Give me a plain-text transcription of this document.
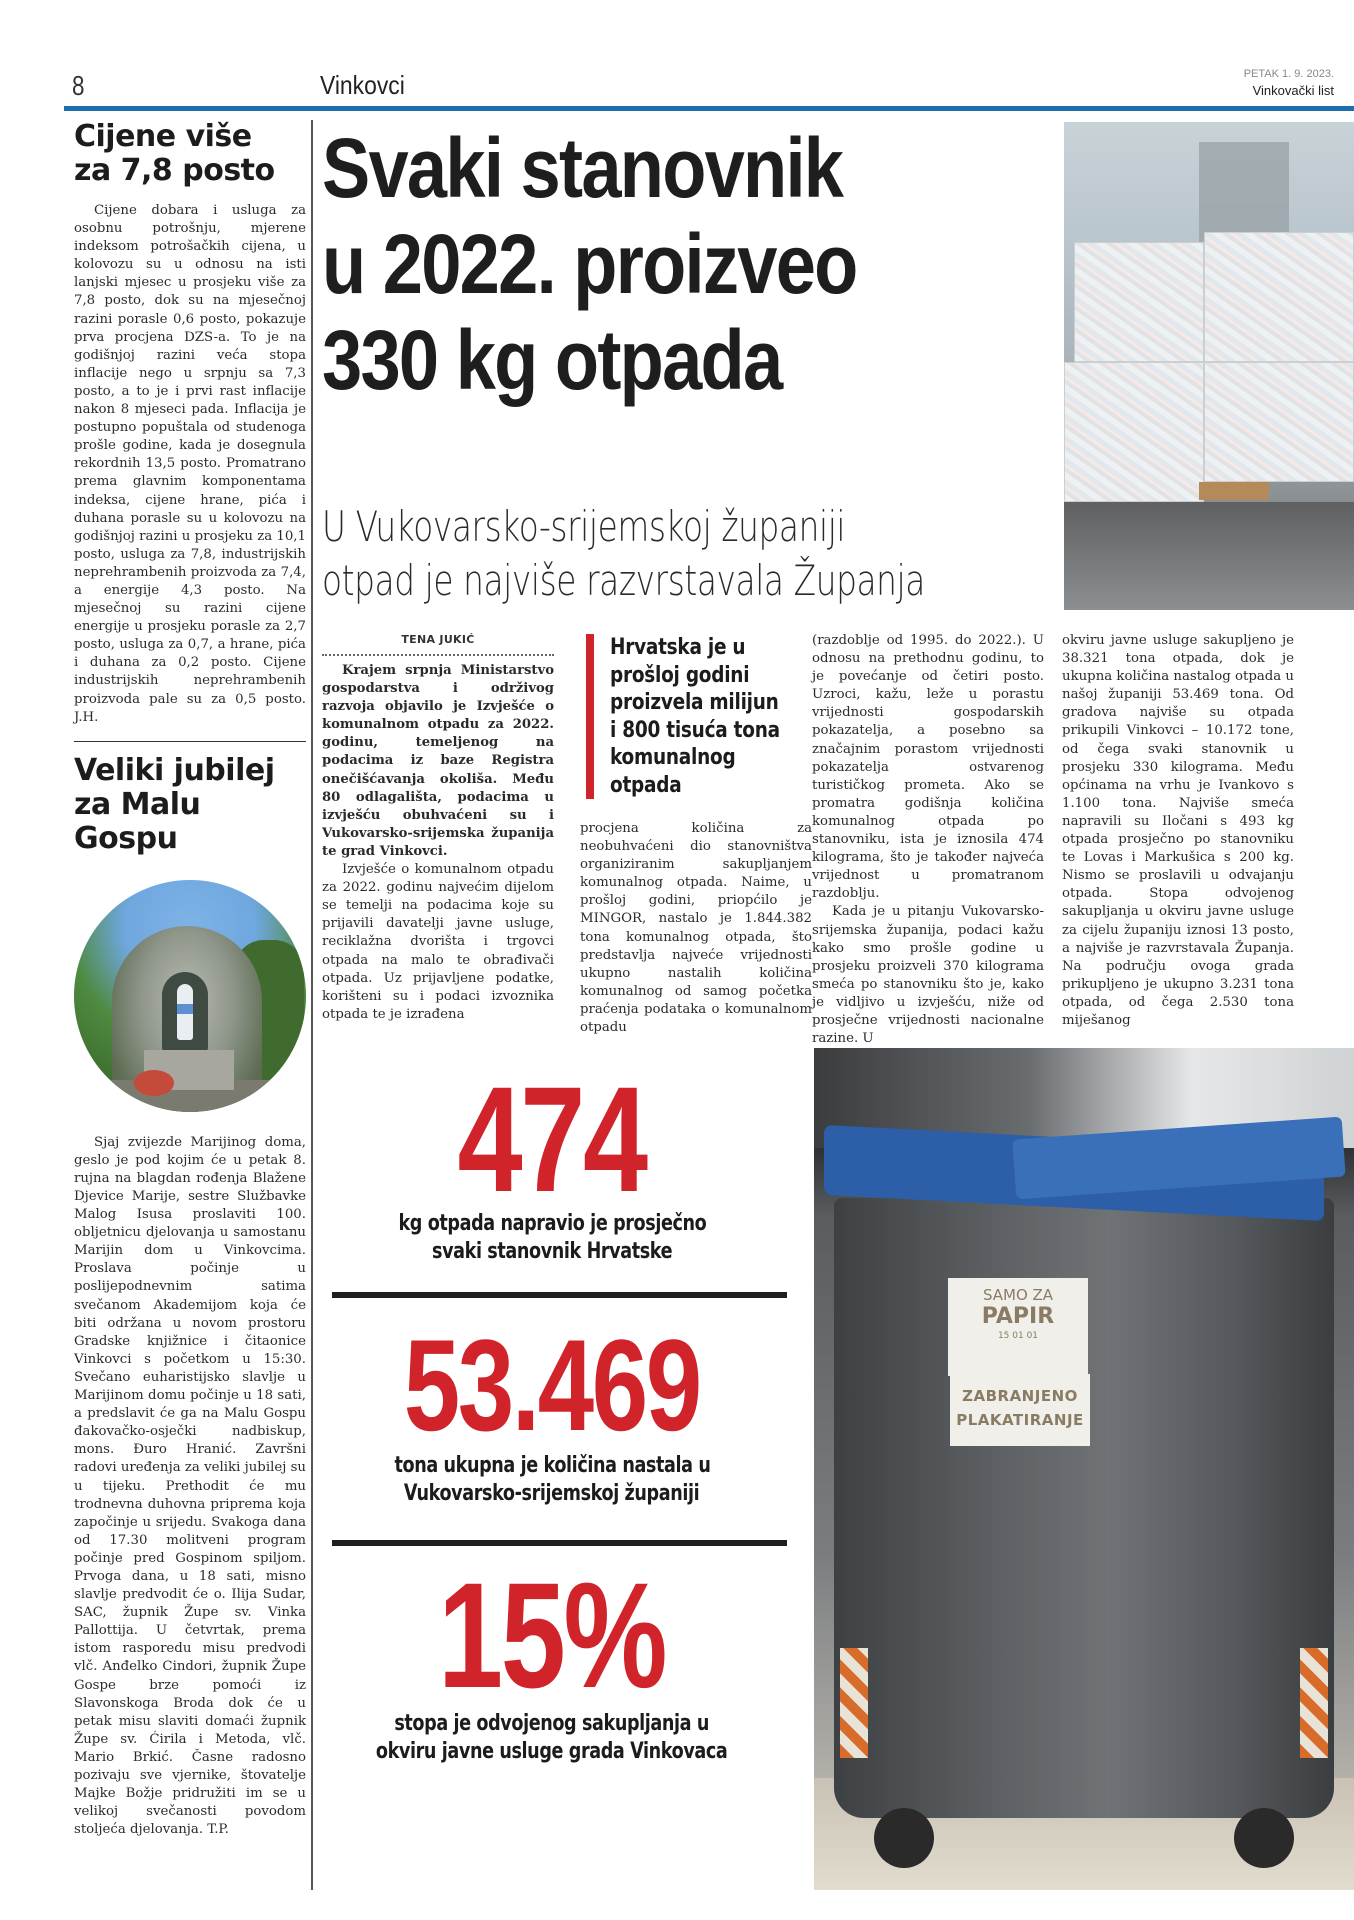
8	Vinkovci	PETAK 1. 9. 2023.
Vinkovački list
Cijene više
za 7,8 posto

Cijene dobara i usluga za osobnu potrošnju, mjerene indeksom potrošačkih cijena, u kolovozu su u odnosu na isti lanjski mjesec u prosjeku više za 7,8 posto, dok su na mjesečnoj razini porasle 0,6 posto, pokazuje prva procjena DZS-a. To je na godišnjoj razini veća stopa inflacije nego u srpnju sa 7,3 posto, a to je i prvi rast inflacije nakon 8 mjeseci pada. Inflacija je postupno popuštala od studenoga prošle godine, kada je dosegnula rekordnih 13,5 posto. Promatrano prema glavnim komponentama indeksa, cijene hrane, pića i duhana porasle su u kolovozu na godišnjoj razini u prosjeku za 10,1 posto, usluga za 7,8, industrijskih neprehrambenih proizvoda za 7,4, a energije 4,3 posto. Na mjesečnoj su razini cijene energije u prosjeku porasle za 2,7 posto, usluga za 0,7, a hrane, pića i duhana za 0,2 posto. Cijene industrijskih neprehrambenih proizvoda pale su za 0,5 posto. J.H.

Veliki jubilej
za Malu Gospu

Sjaj zvijezde Marijinog doma, geslo je pod kojim će u petak 8. rujna na blagdan rođenja Blažene Djevice Marije, sestre Službavke Malog Isusa proslaviti 100. obljetnicu djelovanja u samostanu Marijin dom u Vinkovcima. Proslava počinje u poslijepodnevnim satima svečanom Akademijom koja će biti održana u novom prostoru Gradske knjižnice i čitaonice Vinkovci s početkom u 15:30. Svečano euharistijsko slavlje u Marijinom domu počinje u 18 sati, a predslavit će ga na Malu Gospu đakovačko-osječki nadbiskup, mons. Đuro Hranić. Završni radovi uređenja za veliki jubilej su u tijeku. Prethodit će mu trodnevna duhovna priprema koja započinje u srijedu. Svakoga dana od 17.30 molitveni program počinje pred Gospinom spiljom. Prvoga dana, u 18 sati, misno slavlje predvodit će o. Ilija Sudar, SAC, župnik Župe sv. Vinka Pallottija. U četvrtak, prema istom rasporedu misu predvodi vlč. Anđelko Cindori, župnik Župe Gospe brze pomoći iz Slavonskoga Broda dok će u petak misu slaviti domaći župnik Župe sv. Ćirila i Metoda, vlč. Mario Brkić. Časne radosno pozivaju sve vjernike, štovatelje Majke Božje pridružiti im se u velikoj svečanosti povodom stoljeća djelovanja. T.P.

Svaki stanovnik
u 2022. proizveo
330 kg otpada
U Vukovarsko-srijemskoj županiji
otpad je najviše razvrstavala Županja
TENA JUKIĆ

Krajem srpnja Ministarstvo gospodarstva i održivog razvoja objavilo je Izvješće o komunalnom otpadu za 2022. godinu, temeljenog na podacima iz baze Registra onečišćavanja okoliša. Među 80 odlagališta, podacima u izvješću obuhvaćeni su i Vukovarsko-srijemska županija te grad Vinkovci.

Izvješće o komunalnom otpadu za 2022. godinu najvećim dijelom se temelji na podacima koje su prijavili davatelji javne usluge, reciklažna dvorišta i trgovci otpada na malo te obrađivači otpada. Uz prijavljene podatke, korišteni su i podaci izvoznika otpada te je izrađena

Hrvatska je u
prošloj godini
proizvela milijun
i 800 tisuća tona
komunalnog
otpada

procjena količina za neobuhvaćeni dio stanovništva organiziranim sakupljanjem komunalnog otpada. Naime, u prošloj godini, priopćilo je MINGOR, nastalo je 1.844.382 tona komunalnog otpada, što predstavlja najveće vrijednosti ukupno nastalih količina komunalnog od samog početka praćenja podataka o komunalnom otpadu

(razdoblje od 1995. do 2022.). U odnosu na prethodnu godinu, to je povećanje od četiri posto. Uzroci, kažu, leže u porastu vrijednosti gospodarskih pokazatelja, a posebno sa značajnim porastom vrijednosti pokazatelja ostvarenog turističkog prometa. Ako se promatra godišnja količina komunalnog otpada po stanovniku, ista je iznosila 474 kilograma, što je također najveća vrijednost u promatranom razdoblju.

Kada je u pitanju Vukovarsko-srijemska županija, podaci kažu kako smo prošle godine u prosjeku proizveli 370 kilograma smeća po stanovniku što je, kako je vidljivo u izvješću, niže od prosječne vrijednosti nacionalne razine. U

okviru javne usluge sakupljeno je 38.321 tona otpada, dok je ukupna količina nastalog otpada u našoj županiji 53.469 tona. Od gradova najviše su otpada prikupili Vinkovci – 10.172 tone, od čega svaki stanovnik u prosjeku 330 kilograma. Među općinama na vrhu je Ivankovo s 1.100 tona. Najviše smeća napravili su Iločani s 493 kg otpada prosječno po stanovniku te Lovas i Markušica s 200 kg. Nismo se proslavili u odvajanju otpada. Stopa odvojenog sakupljanja u okviru javne usluge za cijelu županiju iznosi 13 posto, a najviše je razvrstavala Županja. Na području ovoga grada prikupljeno je ukupno 3.231 tona otpada, od čega 2.530 tona miješanog

474
kg otpada napravio je prosječno
svaki stanovnik Hrvatske
53.469
tona ukupna je količina nastala u
Vukovarsko-srijemskoj županiji
15%
stopa je odvojenog sakupljanja u
okviru javne usluge grada Vinkovaca
SAMO ZA
PAPIR
15 01 01
ZABRANJENO
PLAKATIRANJE
